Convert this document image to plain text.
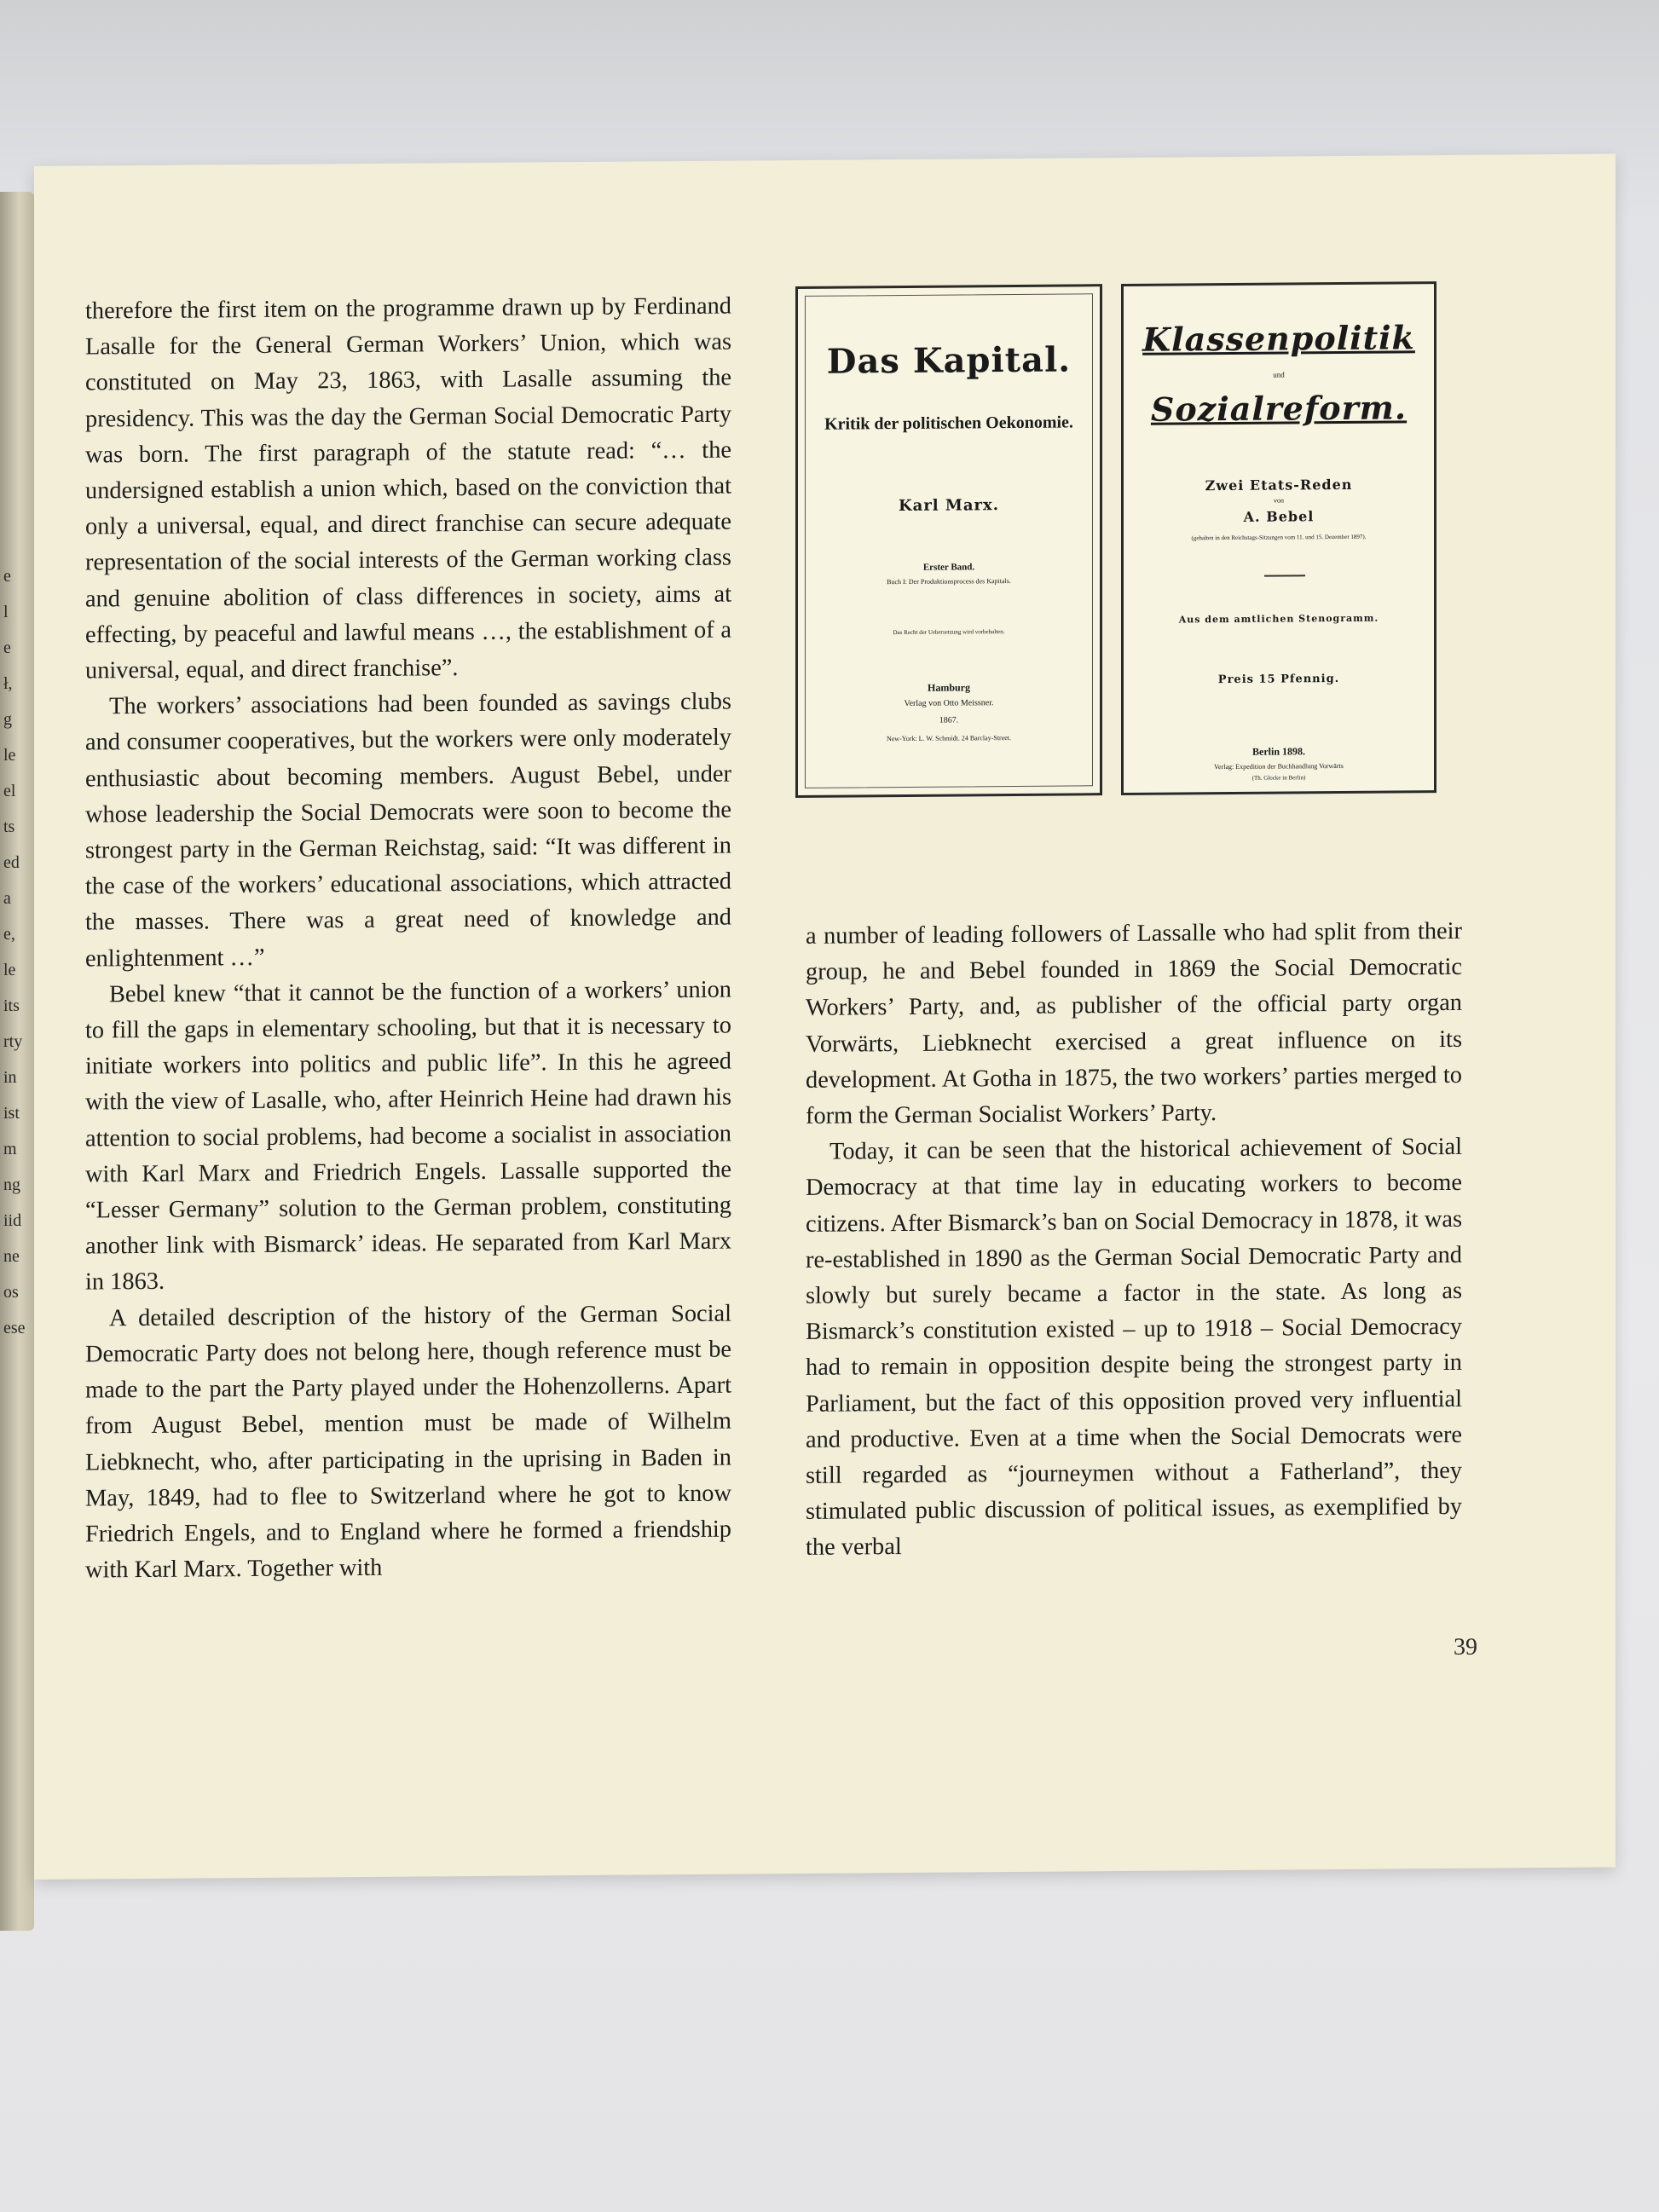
e
l
e
ł,
g
le
el
ts
ed
a
e,
le
its
rty
in
ist
m
ng
iid
ne
os
ese

therefore the first item on the programme drawn up by Ferdinand Lasalle for the General German Workers’ Union, which was constituted on May 23, 1863, with Lasalle assuming the presidency. This was the day the German Social Democratic Party was born. The first paragraph of the statute read: “… the undersigned establish a union which, based on the conviction that only a universal, equal, and direct franchise can secure adequate representation of the social interests of the German working class and genuine abolition of class differences in society, aims at effecting, by peaceful and lawful means …, the establishment of a universal, equal, and direct franchise”.

The workers’ associations had been founded as savings clubs and consumer cooperatives, but the workers were only moderately enthusiastic about becoming members. August Bebel, under whose leadership the Social Democrats were soon to become the strongest party in the German Reichstag, said: “It was different in the case of the workers’ educational associations, which attracted the masses. There was a great need of knowledge and enlightenment …”

Bebel knew “that it cannot be the function of a workers’ union to fill the gaps in elementary schooling, but that it is necessary to initiate workers into politics and public life”. In this he agreed with the view of Lasalle, who, after Heinrich Heine had drawn his attention to social problems, had become a socialist in association with Karl Marx and Friedrich Engels. Lassalle supported the “Lesser Germany” solution to the German problem, constituting another link with Bismarck’ ideas. He separated from Karl Marx in 1863.

A detailed description of the history of the German Social Democratic Party does not belong here, though reference must be made to the part the Party played under the Hohenzollerns. Apart from August Bebel, mention must be made of Wilhelm Liebknecht, who, after participating in the uprising in Baden in May, 1849, had to flee to Switzerland where he got to know Friedrich Engels, and to England where he formed a friendship with Karl Marx. Together with

Das Kapital.
Kritik der politischen Oekonomie.
Karl Marx.
Erster Band.
Buch I: Der Produktionsprocess des Kapitals.
Das Recht der Uebersetzung wird vorbehalten.
Hamburg
Verlag von Otto Meissner.
1867.
New-York: L. W. Schmidt. 24 Barclay-Street.
Klassenpolitik
und
Sozialreform.
Zwei Etats-Reden
von
A. Bebel
(gehalten in den Reichstags-Sitzungen vom 11. und 15. Dezember 1897).
Aus dem amtlichen Stenogramm.
Preis 15 Pfennig.
Berlin 1898.
Verlag: Expedition der Buchhandlung Vorwärts
(Th. Glocke in Berlin)

a number of leading followers of Lassalle who had split from their group, he and Bebel founded in 1869 the Social Democratic Workers’ Party, and, as publisher of the official party organ Vorwärts, Liebknecht exercised a great influence on its development. At Gotha in 1875, the two workers’ parties merged to form the German Socialist Workers’ Party.

Today, it can be seen that the historical achievement of Social Democracy at that time lay in educating workers to become citizens. After Bismarck’s ban on Social Democracy in 1878, it was re-established in 1890 as the German Social Democratic Party and slowly but surely became a factor in the state. As long as Bismarck’s constitution existed – up to 1918 – Social Democracy had to remain in opposition despite being the strongest party in Parliament, but the fact of this opposition proved very influential and productive. Even at a time when the Social Democrats were still regarded as “journeymen without a Fatherland”, they stimulated public discussion of political issues, as exemplified by the verbal

39
